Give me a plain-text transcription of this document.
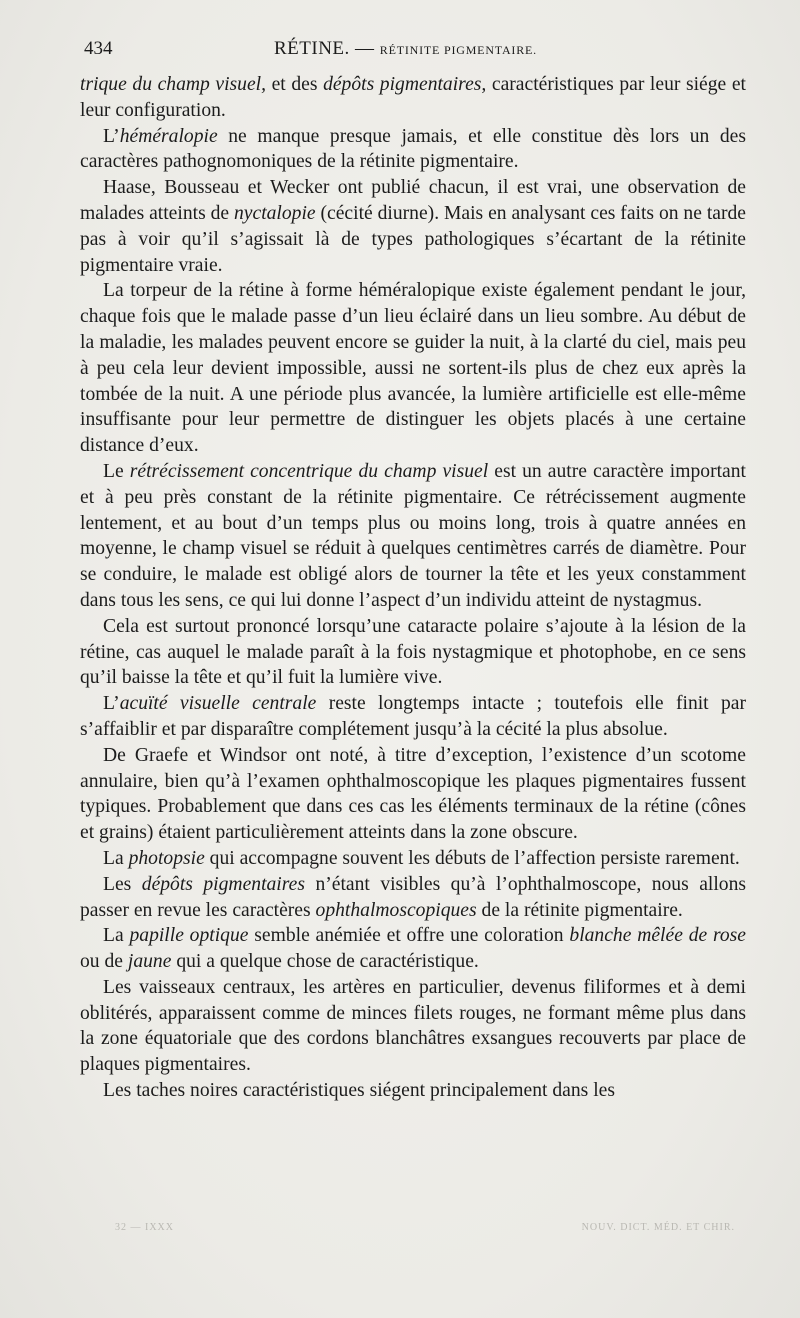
434	RÉTINE. — RÉTINITE PIGMENTAIRE.

trique du champ visuel, et des dépôts pigmentaires, caractéristiques par leur siége et leur configuration.

L’héméralopie ne manque presque jamais, et elle constitue dès lors un des caractères pathognomoniques de la rétinite pigmentaire.

Haase, Bousseau et Wecker ont publié chacun, il est vrai, une observation de malades atteints de nyctalopie (cécité diurne). Mais en analysant ces faits on ne tarde pas à voir qu’il s’agissait là de types pathologiques s’écartant de la rétinite pigmentaire vraie.

La torpeur de la rétine à forme héméralopique existe également pendant le jour, chaque fois que le malade passe d’un lieu éclairé dans un lieu sombre. Au début de la maladie, les malades peuvent encore se guider la nuit, à la clarté du ciel, mais peu à peu cela leur devient impossible, aussi ne sortent-ils plus de chez eux après la tombée de la nuit. A une période plus avancée, la lumière artificielle est elle-même insuffisante pour leur permettre de distinguer les objets placés à une certaine distance d’eux.

Le rétrécissement concentrique du champ visuel est un autre caractère important et à peu près constant de la rétinite pigmentaire. Ce rétrécissement augmente lentement, et au bout d’un temps plus ou moins long, trois à quatre années en moyenne, le champ visuel se réduit à quelques centimètres carrés de diamètre. Pour se conduire, le malade est obligé alors de tourner la tête et les yeux constamment dans tous les sens, ce qui lui donne l’aspect d’un individu atteint de nystagmus.

Cela est surtout prononcé lorsqu’une cataracte polaire s’ajoute à la lésion de la rétine, cas auquel le malade paraît à la fois nystagmique et photophobe, en ce sens qu’il baisse la tête et qu’il fuit la lumière vive.

L’acuïté visuelle centrale reste longtemps intacte ; toutefois elle finit par s’affaiblir et par disparaître complétement jusqu’à la cécité la plus absolue.

De Graefe et Windsor ont noté, à titre d’exception, l’existence d’un scotome annulaire, bien qu’à l’examen ophthalmoscopique les plaques pigmentaires fussent typiques. Probablement que dans ces cas les éléments terminaux de la rétine (cônes et grains) étaient particulièrement atteints dans la zone obscure.

La photopsie qui accompagne souvent les débuts de l’affection persiste rarement.

Les dépôts pigmentaires n’étant visibles qu’à l’ophthalmoscope, nous allons passer en revue les caractères ophthalmoscopiques de la rétinite pigmentaire.

La papille optique semble anémiée et offre une coloration blanche mêlée de rose ou de jaune qui a quelque chose de caractéristique.

Les vaisseaux centraux, les artères en particulier, devenus filiformes et à demi oblitérés, apparaissent comme de minces filets rouges, ne formant même plus dans la zone équatoriale que des cordons blanchâtres exsangues recouverts par place de plaques pigmentaires.

Les taches noires caractéristiques siégent principalement dans les

32 — IXXX	NOUV. DICT. MÉD. ET CHIR.
